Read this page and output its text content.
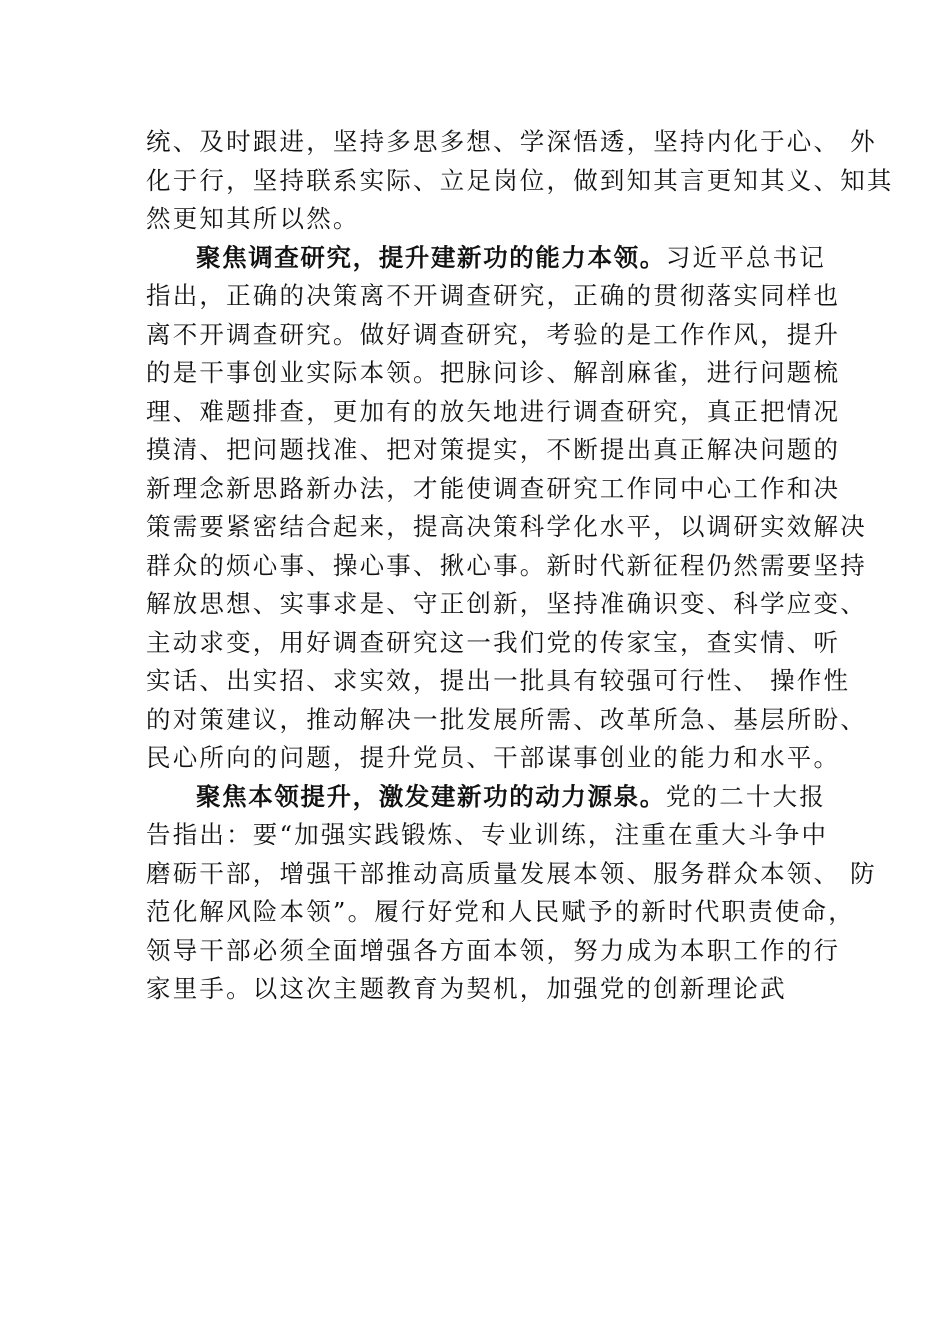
统、及时跟进，坚持多思多想、学深悟透，坚持内化于心、 外
化于行，坚持联系实际、立足岗位，做到知其言更知其义、知其
然更知其所以然。
聚焦调查研究，提升建新功的能力本领。习近平总书记
指出，正确的决策离不开调查研究，正确的贯彻落实同样也
离不开调查研究。做好调查研究，考验的是工作作风，提升
的是干事创业实际本领。把脉问诊、解剖麻雀，进行问题梳
理、难题排查，更加有的放矢地进行调查研究，真正把情况
摸清、把问题找准、把对策提实，不断提出真正解决问题的
新理念新思路新办法，才能使调查研究工作同中心工作和决
策需要紧密结合起来，提高决策科学化水平，以调研实效解决
群众的烦心事、操心事、揪心事。新时代新征程仍然需要坚持
解放思想、实事求是、守正创新，坚持准确识变、科学应变、
主动求变，用好调查研究这一我们党的传家宝，查实情、听
实话、出实招、求实效，提出一批具有较强可行性、 操作性
的对策建议，推动解决一批发展所需、改革所急、基层所盼、
民心所向的问题，提升党员、干部谋事创业的能力和水平。
聚焦本领提升，激发建新功的动力源泉。党的二十大报
告指出：要“加强实践锻炼、专业训练，注重在重大斗争中
磨砺干部，增强干部推动高质量发展本领、服务群众本领、 防
范化解风险本领”。履行好党和人民赋予的新时代职责使命，
领导干部必须全面增强各方面本领，努力成为本职工作的行
家里手。以这次主题教育为契机，加强党的创新理论武
